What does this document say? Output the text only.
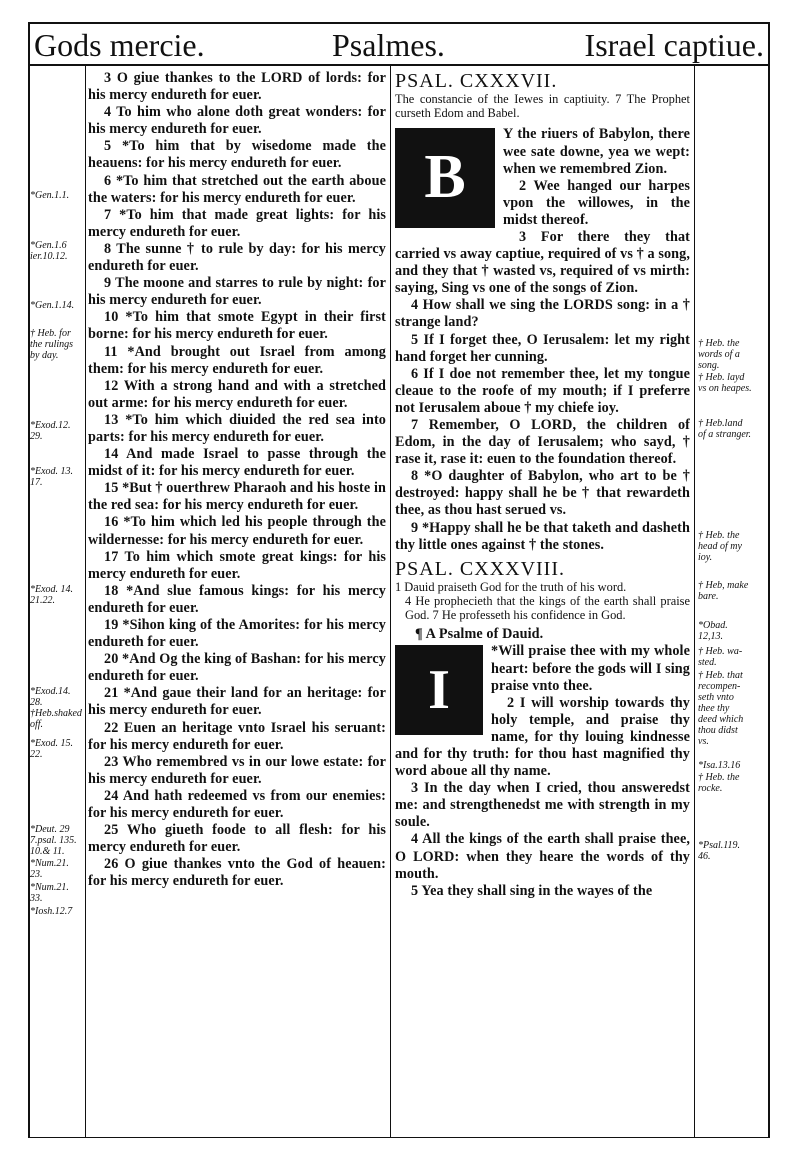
Gods mercie.	Psalmes.	Israel captiue.
*Gen.1.1.
*Gen.1.6
ier.10.12.
*Gen.1.14.
† Heb. for
the rulings
by day.
*Exod.12.
29.
*Exod. 13.
17.
*Exod. 14.
21.22.
*Exod.14.
28.
†Heb.shaked
off.
*Exod. 15.
22.
*Deut. 29
7.psal. 135.
10.& 11.
*Num.21.
23.
*Num.21.
33.
*Iosh.12.7
† Heb. the
words of a
song.
† Heb. layd
vs on heapes.
† Heb.land
of a stranger.
† Heb. the
head of my
ioy.
† Heb, make
bare.
*Obad.
12,13.
† Heb. wa-
sted.
† Heb. that
recompen-
seth vnto
thee thy
deed which
thou didst
vs.
*Isa.13.16
† Heb. the
rocke.
*Psal.119.
46.

3 O giue thankes to the LORD of lords: for his mercy endureth for euer.

4 To him who alone doth great wonders: for his mercy endureth for euer.

5 *To him that by wisedome made the heauens: for his mercy endureth for euer.

6 *To him that stretched out the earth aboue the waters: for his mercy endureth for euer.

7 *To him that made great lights: for his mercy endureth for euer.

8 The sunne † to rule by day: for his mercy endureth for euer.

9 The moone and starres to rule by night: for his mercy endureth for euer.

10 *To him that smote Egypt in their first borne: for his mercy endureth for euer.

11 *And brought out Israel from among them: for his mercy endureth for euer.

12 With a strong hand and with a stretched out arme: for his mercy endureth for euer.

13 *To him which diuided the red sea into parts: for his mercy endureth for euer.

14 And made Israel to passe through the midst of it: for his mercy endureth for euer.

15 *But † ouerthrew Pharaoh and his hoste in the red sea: for his mercy endureth for euer.

16 *To him which led his people through the wildernesse: for his mercy endureth for euer.

17 To him which smote great kings: for his mercy endureth for euer.

18 *And slue famous kings: for his mercy endureth for euer.

19 *Sihon king of the Amorites: for his mercy endureth for euer.

20 *And Og the king of Bashan: for his mercy endureth for euer.

21 *And gaue their land for an heritage: for his mercy endureth for euer.

22 Euen an heritage vnto Israel his seruant: for his mercy endureth for euer.

23 Who remembred vs in our lowe estate: for his mercy endureth for euer.

24 And hath redeemed vs from our enemies: for his mercy endureth for euer.

25 Who giueth foode to all flesh: for his mercy endureth for euer.

26 O giue thankes vnto the God of heauen: for his mercy endureth for euer.

PSAL. CXXXVII.

The constancie of the Iewes in captiuity. 7 The Prophet curseth Edom and Babel.

B

Y the riuers of Babylon, there wee sate downe, yea we wept: when we remembred Zion.

2 Wee hanged our harpes vpon the willowes, in the midst thereof.

3 For there they that carried vs away captiue, required of vs † a song, and they that † wasted vs, required of vs mirth: saying, Sing vs one of the songs of Zion.

4 How shall we sing the LORDS song: in a † strange land?

5 If I forget thee, O Ierusalem: let my right hand forget her cunning.

6 If I doe not remember thee, let my tongue cleaue to the roofe of my mouth; if I preferre not Ierusalem aboue † my chiefe ioy.

7 Remember, O LORD, the children of Edom, in the day of Ierusalem; who sayd, † rase it, rase it: euen to the foundation thereof.

8 *O daughter of Babylon, who art to be † destroyed: happy shall he be † that rewardeth thee, as thou hast serued vs.

9 *Happy shall he be that taketh and dasheth thy little ones against † the stones.

PSAL. CXXXVIII.

1 Dauid praiseth God for the truth of his word.

4 He prophecieth that the kings of the earth shall praise God. 7 He professeth his confidence in God.

¶ A Psalme of Dauid.

I

*Will praise thee with my whole heart: before the gods will I sing praise vnto thee.

2 I will worship towards thy holy temple, and praise thy name, for thy louing kindnesse and for thy truth: for thou hast magnified thy word aboue all thy name.

3 In the day when I cried, thou answeredst me: and strengthenedst me with strength in my soule.

4 All the kings of the earth shall praise thee, O LORD: when they heare the words of thy mouth.

5 Yea they shall sing in the wayes of the
